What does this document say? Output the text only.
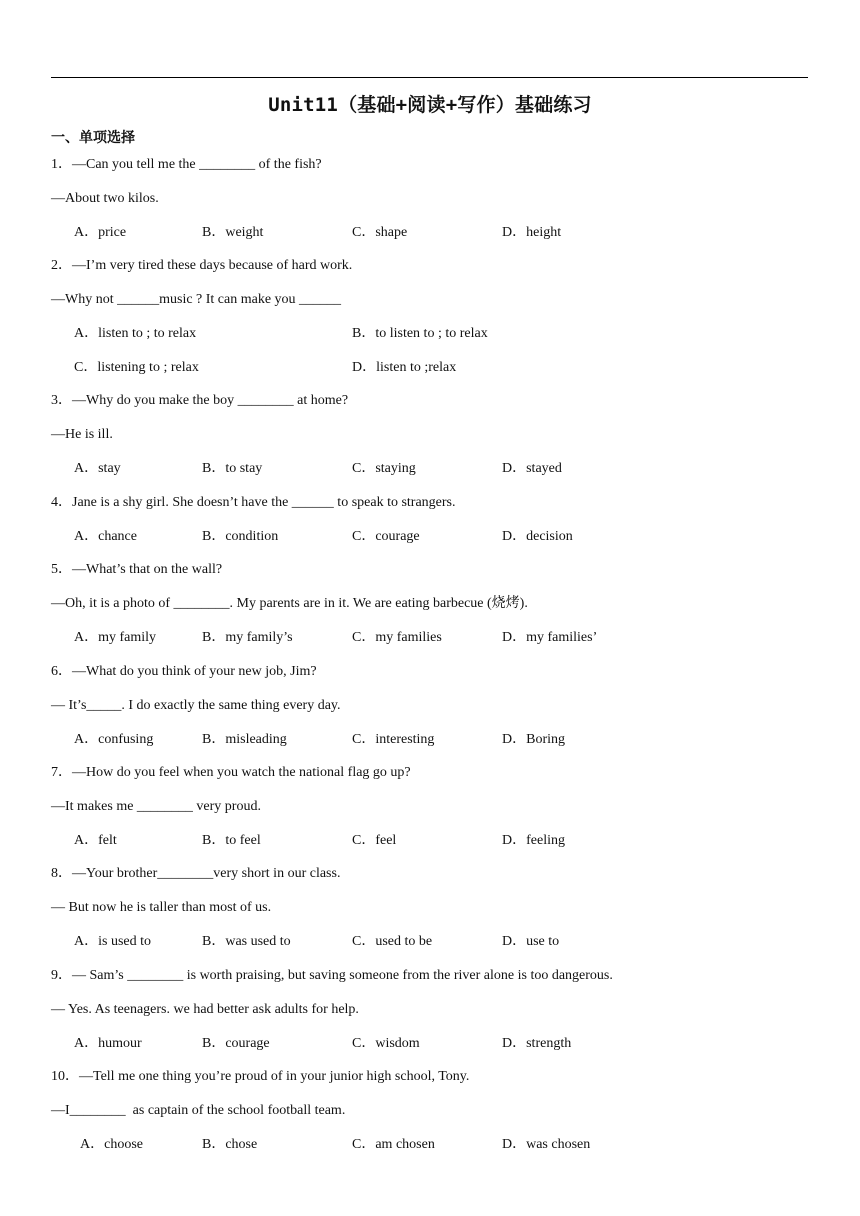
Unit11（基础+阅读+写作）基础练习
一、单项选择
1．—Can you tell me the ________ of the fish?
—About two kilos.
A．price	B．weight	C．shape	D．height
2．—I’m very tired these days because of hard work.
—Why not ______music ? It can make you ______
A．listen to ; to relax	B．to listen to ; to relax
C．listening to ; relax	D．listen to ;relax
3．—Why do you make the boy ________ at home?
—He is ill.
A．stay	B．to stay	C．staying	D．stayed
4．Jane is a shy girl. She doesn’t have the ______ to speak to strangers.
A．chance	B．condition	C．courage	D．decision
5．—What’s that on the wall?
—Oh, it is a photo of ________. My parents are in it. We are eating barbecue (烧烤).
A．my family	B．my family’s	C．my families	D．my families’
6．—What do you think of your new job, Jim?
— It’s_____. I do exactly the same thing every day.
A．confusing	B．misleading	C．interesting	D．Boring
7．—How do you feel when you watch the national flag go up?
—It makes me ________ very proud.
A．felt	B．to feel	C．feel	D．feeling
8．—Your brother________very short in our class.
— But now he is taller than most of us.
A．is used to	B．was used to	C．used to be	D．use to
9．— Sam’s ________ is worth praising, but saving someone from the river alone is too dangerous.
— Yes. As teenagers. we had better ask adults for help.
A．humour	B．courage	C．wisdom	D．strength
10．—Tell me one thing you’re proud of in your junior high school, Tony.
—I________  as captain of the school football team.
A．choose	B．chose	C．am chosen	D．was chosen
